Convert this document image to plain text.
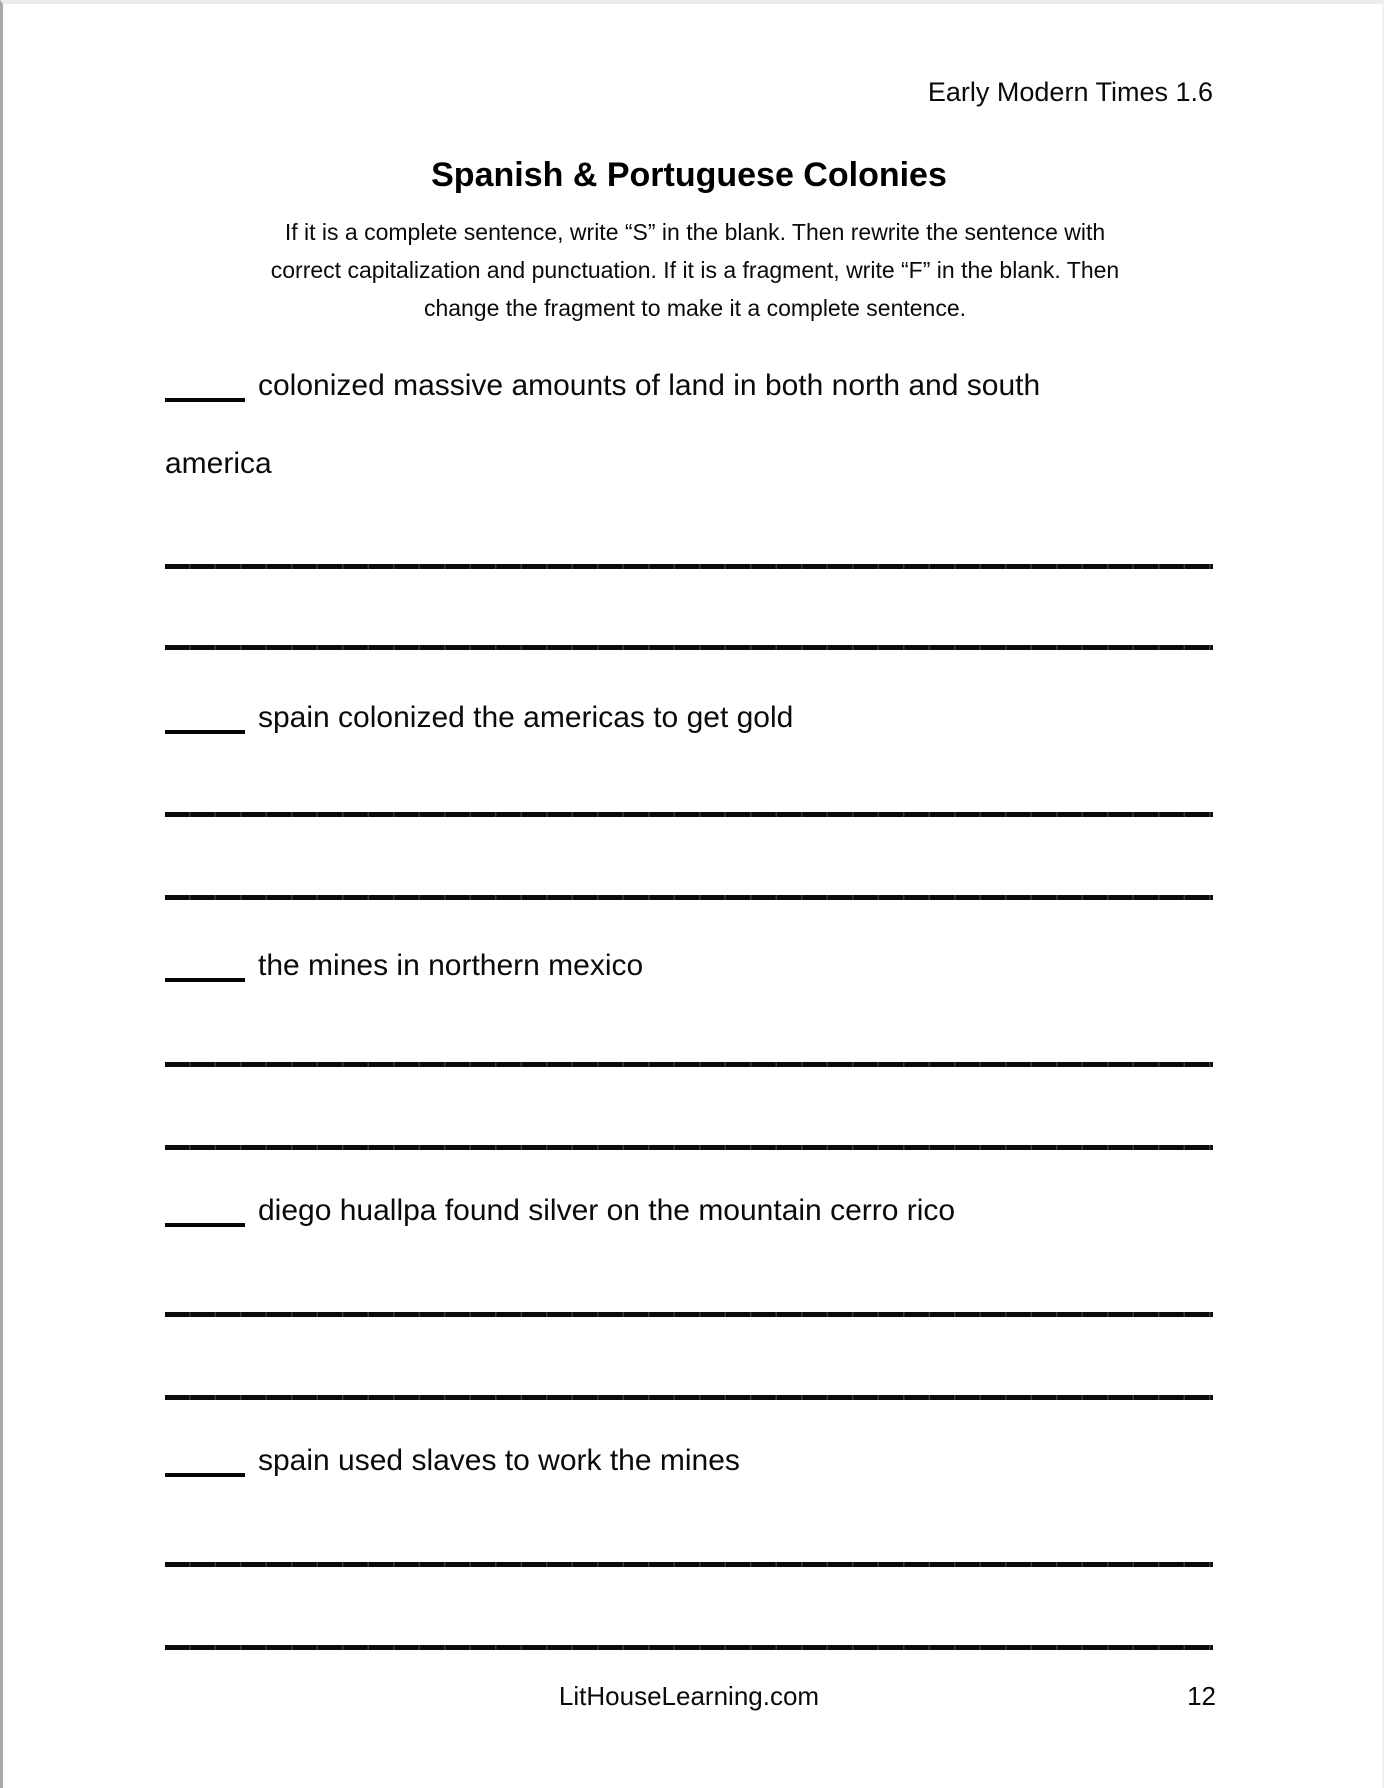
Early Modern Times 1.6
Spanish & Portuguese Colonies
If it is a complete sentence, write “S” in the blank. Then rewrite the sentence with
correct capitalization and punctuation. If it is a fragment, write “F” in the blank. Then
change the fragment to make it a complete sentence.
colonized massive amounts of land in both north and south
america
spain colonized the americas to get gold
the mines in northern mexico
diego huallpa found silver on the mountain cerro rico
spain used slaves to work the mines
LitHouseLearning.com	12
